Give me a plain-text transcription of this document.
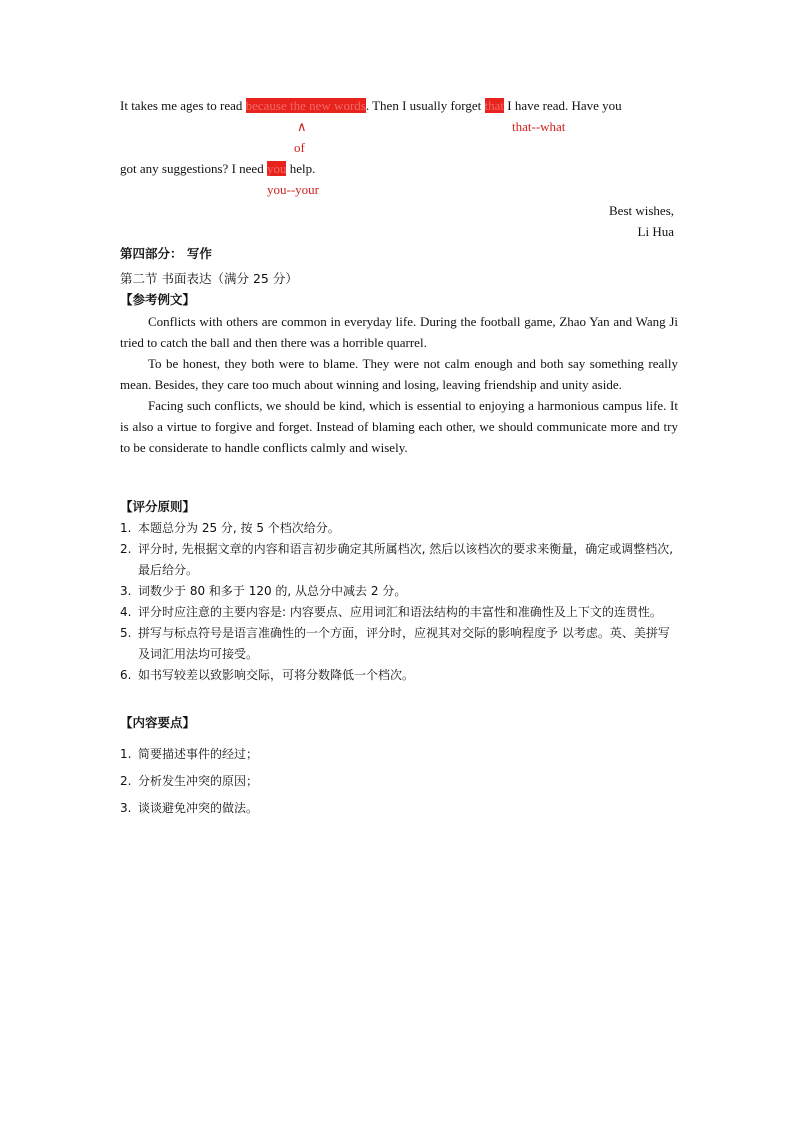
It takes me ages to read because the new words. Then I usually forget that I have read. Have you
∧	that--what
of
got any suggestions? I need you help.
you--your
Best wishes,
Li Hua
第四部分： 写作
第二节 书面表达（满分 25 分）
【参考例文】

Conflicts with others are common in everyday life. During the football game, Zhao Yan and Wang Ji tried to catch the ball and then there was a horrible quarrel.

To be honest, they both were to blame. They were not calm enough and both say something really mean. Besides, they care too much about winning and losing, leaving friendship and unity aside.

Facing such conflicts, we should be kind, which is essential to enjoying a harmonious campus life. It is also a virtue to forgive and forget. Instead of blaming each other, we should communicate more and try to be considerate to handle conflicts calmly and wisely.

【评分原则】
1. 本题总分为 25 分, 按 5 个档次给分。
2. 评分时, 先根据文章的内容和语言初步确定其所属档次, 然后以该档次的要求来衡量，确定或调整档次, 最后给分。
3. 词数少于 80 和多于 120 的, 从总分中减去 2 分。
4. 评分时应注意的主要内容是: 内容要点、应用词汇和语法结构的丰富性和准确性及上下文的连贯性。
5. 拼写与标点符号是语言准确性的一个方面，评分时，应视其对交际的影响程度予 以考虑。英、美拼写及词汇用法均可接受。
6. 如书写较差以致影响交际，可将分数降低一个档次。
【内容要点】
1. 简要描述事件的经过；
2. 分析发生冲突的原因；
3. 谈谈避免冲突的做法。
